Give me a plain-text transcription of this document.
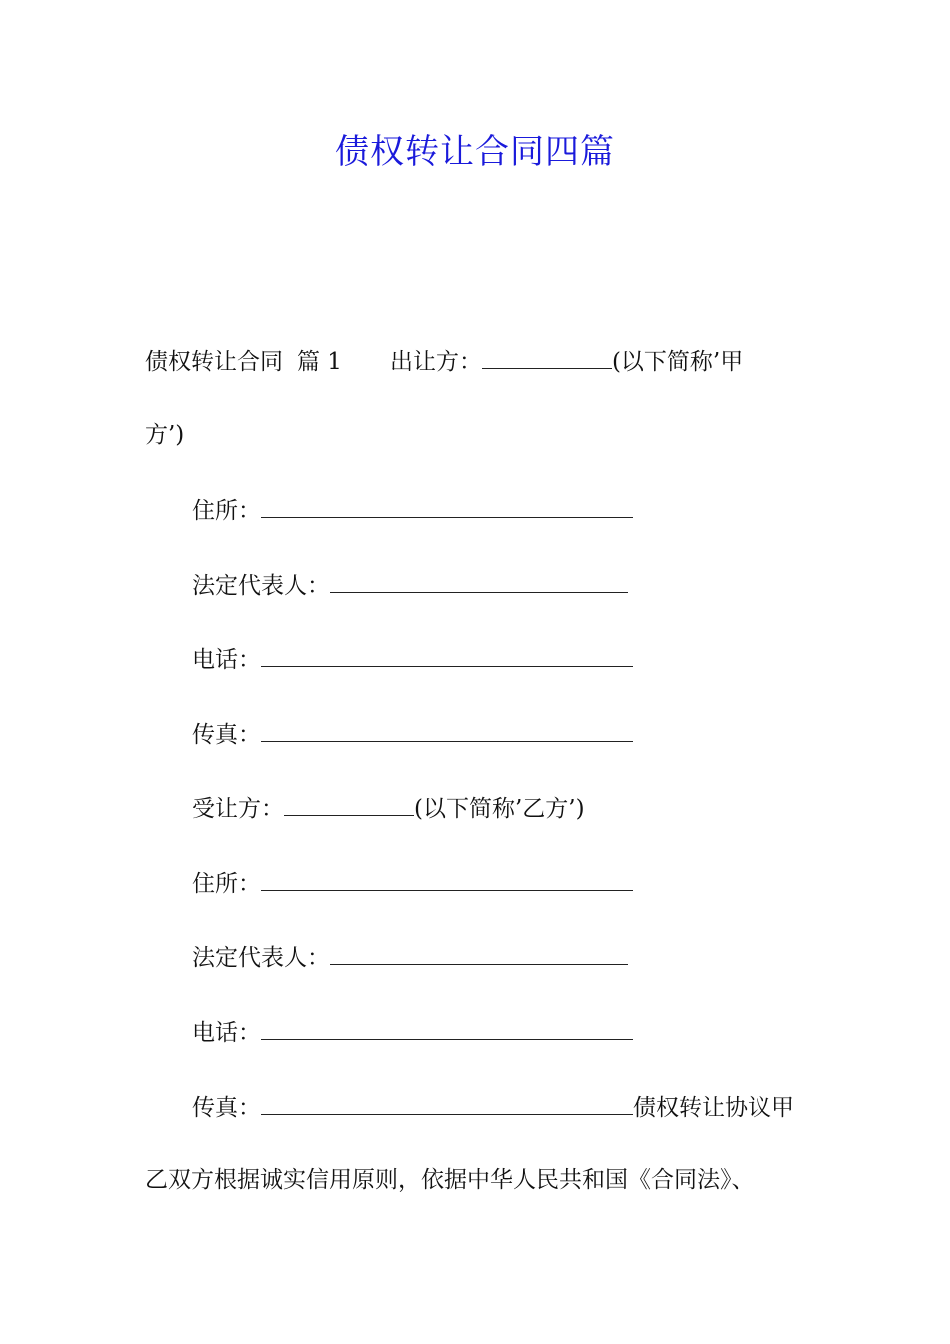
债权转让合同四篇
债权转让合同 篇 1 出让方：	(以下简称’甲
方’)
住所：
法定代表人：
电话：
传真：
受让方：	(以下简称’乙方’)
住所：
法定代表人：
电话：
传真：	债权转让协议甲
乙双方根据诚实信用原则，依据中华人民共和国《合同法》、
